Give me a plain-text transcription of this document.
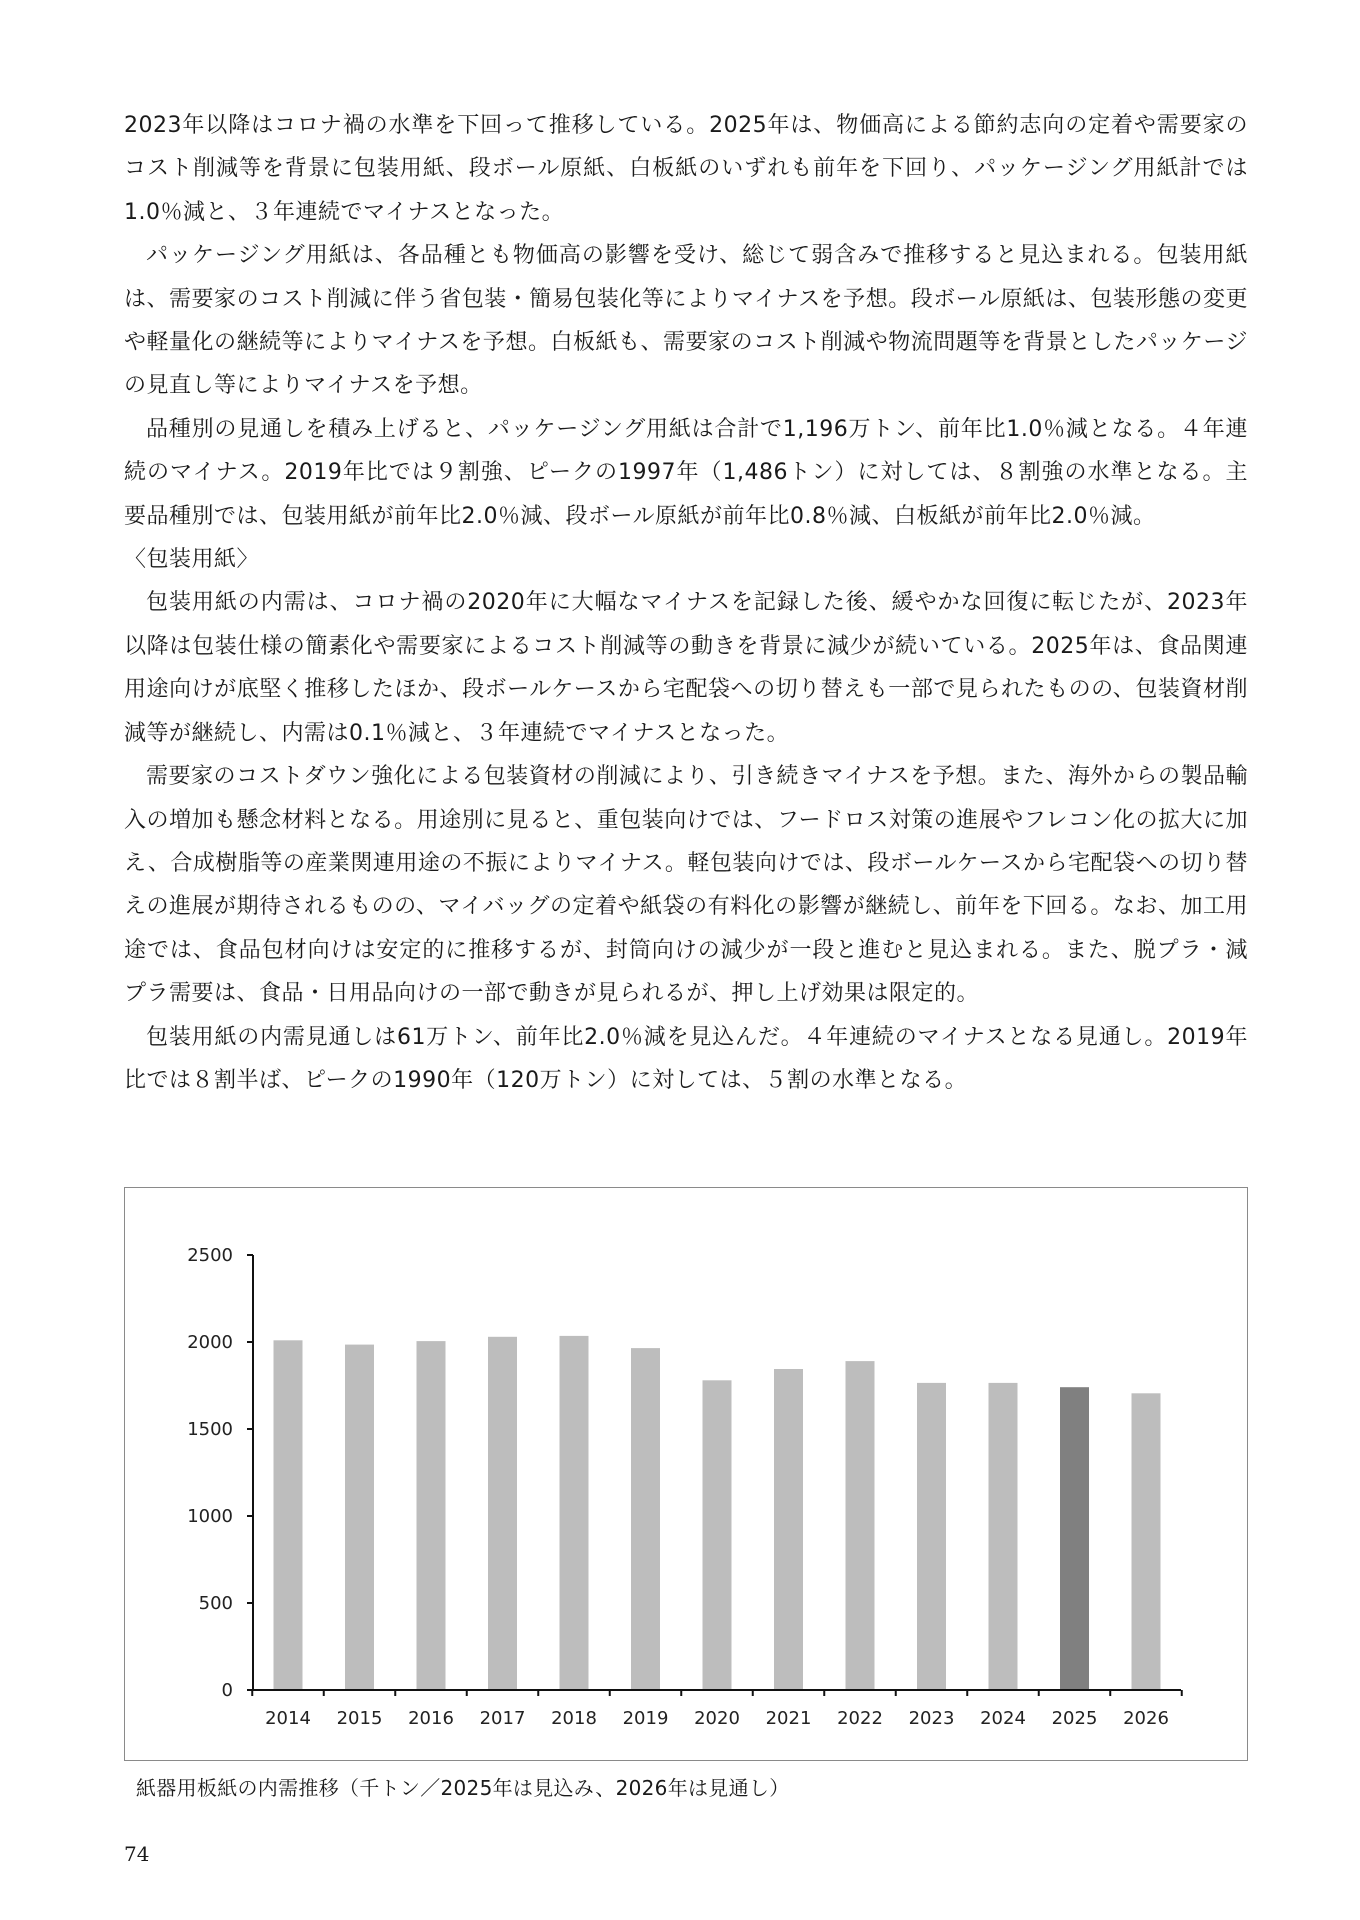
2023年以降はコロナ禍の水準を下回って推移している。2025年は、物価高による節約志向の定着や需要家のコスト削減等を背景に包装用紙、段ボール原紙、白板紙のいずれも前年を下回り、パッケージング用紙計では1.0％減と、３年連続でマイナスとなった。

パッケージング用紙は、各品種とも物価高の影響を受け、総じて弱含みで推移すると見込まれる。包装用紙は、需要家のコスト削減に伴う省包装・簡易包装化等によりマイナスを予想。段ボール原紙は、包装形態の変更や軽量化の継続等によりマイナスを予想。白板紙も、需要家のコスト削減や物流問題等を背景としたパッケージの見直し等によりマイナスを予想。

品種別の見通しを積み上げると、パッケージング用紙は合計で1,196万トン、前年比1.0％減となる。４年連続のマイナス。2019年比では９割強、ピークの1997年（1,486トン）に対しては、８割強の水準となる。主要品種別では、包装用紙が前年比2.0％減、段ボール原紙が前年比0.8％減、白板紙が前年比2.0％減。

〈包装用紙〉

包装用紙の内需は、コロナ禍の2020年に大幅なマイナスを記録した後、緩やかな回復に転じたが、2023年以降は包装仕様の簡素化や需要家によるコスト削減等の動きを背景に減少が続いている。2025年は、食品関連用途向けが底堅く推移したほか、段ボールケースから宅配袋への切り替えも一部で見られたものの、包装資材削減等が継続し、内需は0.1％減と、３年連続でマイナスとなった。

需要家のコストダウン強化による包装資材の削減により、引き続きマイナスを予想。また、海外からの製品輸入の増加も懸念材料となる。用途別に見ると、重包装向けでは、フードロス対策の進展やフレコン化の拡大に加え、合成樹脂等の産業関連用途の不振によりマイナス。軽包装向けでは、段ボールケースから宅配袋への切り替えの進展が期待されるものの、マイバッグの定着や紙袋の有料化の影響が継続し、前年を下回る。なお、加工用途では、食品包材向けは安定的に推移するが、封筒向けの減少が一段と進むと見込まれる。また、脱プラ・減プラ需要は、食品・日用品向けの一部で動きが見られるが、押し上げ効果は限定的。

包装用紙の内需見通しは61万トン、前年比2.0％減を見込んだ。４年連続のマイナスとなる見通し。2019年比では８割半ば、ピークの1990年（120万トン）に対しては、５割の水準となる。

0
500
1000
1500
2000
2500
2014 2015 2016 2017 2018 2019 2020 2021 2022 2023 2024 2025 2026
紙器用板紙の内需推移（千トン／2025年は見込み、2026年は見通し）
74
